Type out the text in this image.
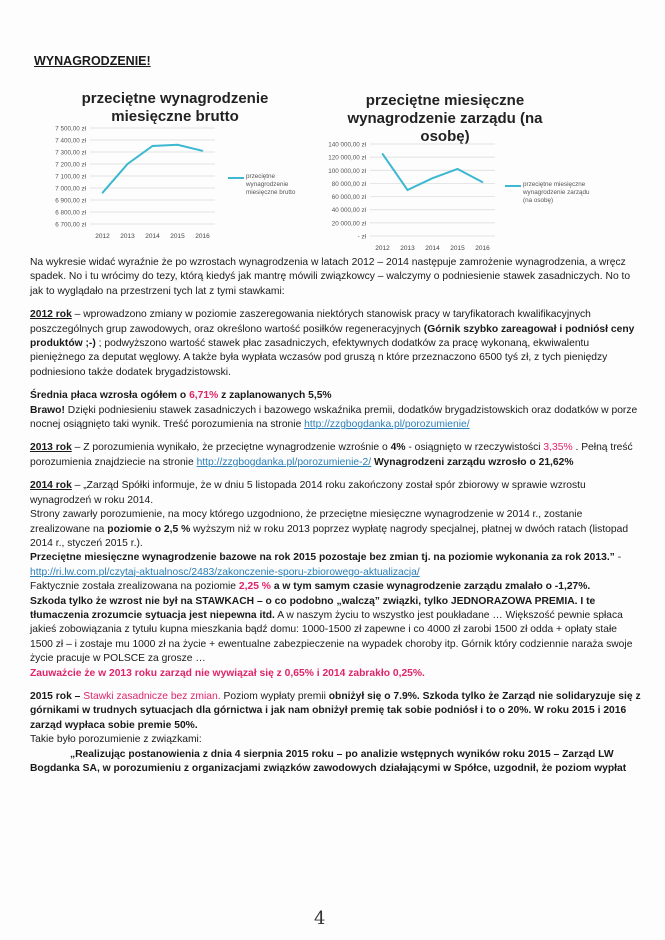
WYNAGRODZENIE!
przeciętne wynagrodzenie miesięczne brutto
7 500,00 zł
7 400,00 zł
7 300,00 zł
7 200,00 zł
7 100,00 zł
7 000,00 zł
6 900,00 zł
6 800,00 zł
6 700,00 zł
2012 2013 2014 2015 2016
przeciętne wynagrodzenie miesięczne brutto
przeciętne miesięczne wynagrodzenie zarządu (na osobę)
140 000,00 zł
120 000,00 zł
100 000,00 zł
80 000,00 zł
60 000,00 zł
40 000,00 zł
20 000,00 zł
- zł
2012 2013 2014 2015 2016
przeciętne miesięczne wynagrodzenie zarządu (na osobę)

Na wykresie widać wyraźnie że po wzrostach wynagrodzenia w latach 2012 – 2014 następuje zamrożenie wynagrodzenia, a wręcz spadek. No i tu wrócimy do tezy, którą kiedyś jak mantrę mówili związkowcy – walczymy o podniesienie stawek zasadniczych. No to jak to wyglądało na przestrzeni tych lat z tymi stawkami:

2012 rok – wprowadzono zmiany w poziomie zaszeregowania niektórych stanowisk pracy w taryfikatorach kwalifikacyjnych poszczególnych grup zawodowych, oraz określono wartość posiłków regeneracyjnych (Górnik szybko zareagował i podniósł ceny produktów ;-) ; podwyższono wartość stawek płac zasadniczych, efektywnych dodatków za pracę wykonaną, ekwiwalentu pieniężnego za deputat węglowy. A także była wypłata wczasów pod gruszą n które przeznaczono 6500 tyś zł, z tych pieniędzy podniesiono także dodatek brygadzistowski.

Średnia płaca wzrosła ogółem o 6,71% z zaplanowanych 5,5%
Brawo! Dzięki podniesieniu stawek zasadniczych i bazowego wskaźnika premii, dodatków brygadzistowskich oraz dodatków w porze nocnej osiągnięto taki wynik. Treść porozumienia na stronie http://zzgbogdanka.pl/porozumienie/

2013 rok – Z porozumienia wynikało, że przeciętne wynagrodzenie wzrośnie o 4% - osiągnięto w rzeczywistości 3,35% . Pełną treść porozumienia znajdziecie na stronie http://zzgbogdanka.pl/porozumienie-2/ Wynagrodzeni zarządu wzrosło o 21,62%

2014 rok – „Zarząd Spółki informuje, że w dniu 5 listopada 2014 roku zakończony został spór zbiorowy w sprawie wzrostu wynagrodzeń w roku 2014.
Strony zawarły porozumienie, na mocy którego uzgodniono, że przeciętne miesięczne wynagrodzenie w 2014 r., zostanie zrealizowane na poziomie o 2,5 % wyższym niż w roku 2013 poprzez wypłatę nagrody specjalnej, płatnej w dwóch ratach (listopad 2014 r., styczeń 2015 r.).
Przeciętne miesięczne wynagrodzenie bazowe na rok 2015 pozostaje bez zmian tj. na poziomie wykonania za rok 2013.” - http://ri.lw.com.pl/czytaj-aktualnosc/2483/zakonczenie-sporu-zbiorowego-aktualizacja/
Faktycznie została zrealizowana na poziomie 2,25 % a w tym samym czasie wynagrodzenie zarządu zmalało o -1,27%.
Szkoda tylko że wzrost nie był na STAWKACH – o co podobno „walczą” związki, tylko JEDNORAZOWA PREMIA. I te tłumaczenia zrozumcie sytuacja jest niepewna itd. A w naszym życiu to wszystko jest poukładane … Większość pewnie spłaca jakieś zobowiązania z tytułu kupna mieszkania bądź domu: 1000-1500 zł zapewne i co 4000 zł zarobi 1500 zł odda + opłaty stałe 1500 zł – i zostaje mu 1000 zł na życie + ewentualne zabezpieczenie na wypadek choroby itp. Górnik który codziennie naraża swoje życie pracuje w POLSCE za grosze …
Zauważcie że w 2013 roku zarząd nie wywiązał się z 0,65% i 2014 zabrakło 0,25%.

2015 rok – Stawki zasadnicze bez zmian. Poziom wypłaty premii obniżył się o 7.9%. Szkoda tylko że Zarząd nie solidaryzuje się z górnikami w trudnych sytuacjach dla górnictwa i jak nam obniżył premię tak sobie podniósł i to o 20%. W roku 2015 i 2016 zarząd wypłaca sobie premie 50%.
Takie było porozumienie z związkami:
„Realizując postanowienia z dnia 4 sierpnia 2015 roku – po analizie wstępnych wyników roku 2015 – Zarząd LW Bogdanka SA, w porozumieniu z organizacjami związków zawodowych działającymi w Spółce, uzgodnił, że poziom wypłat

4
